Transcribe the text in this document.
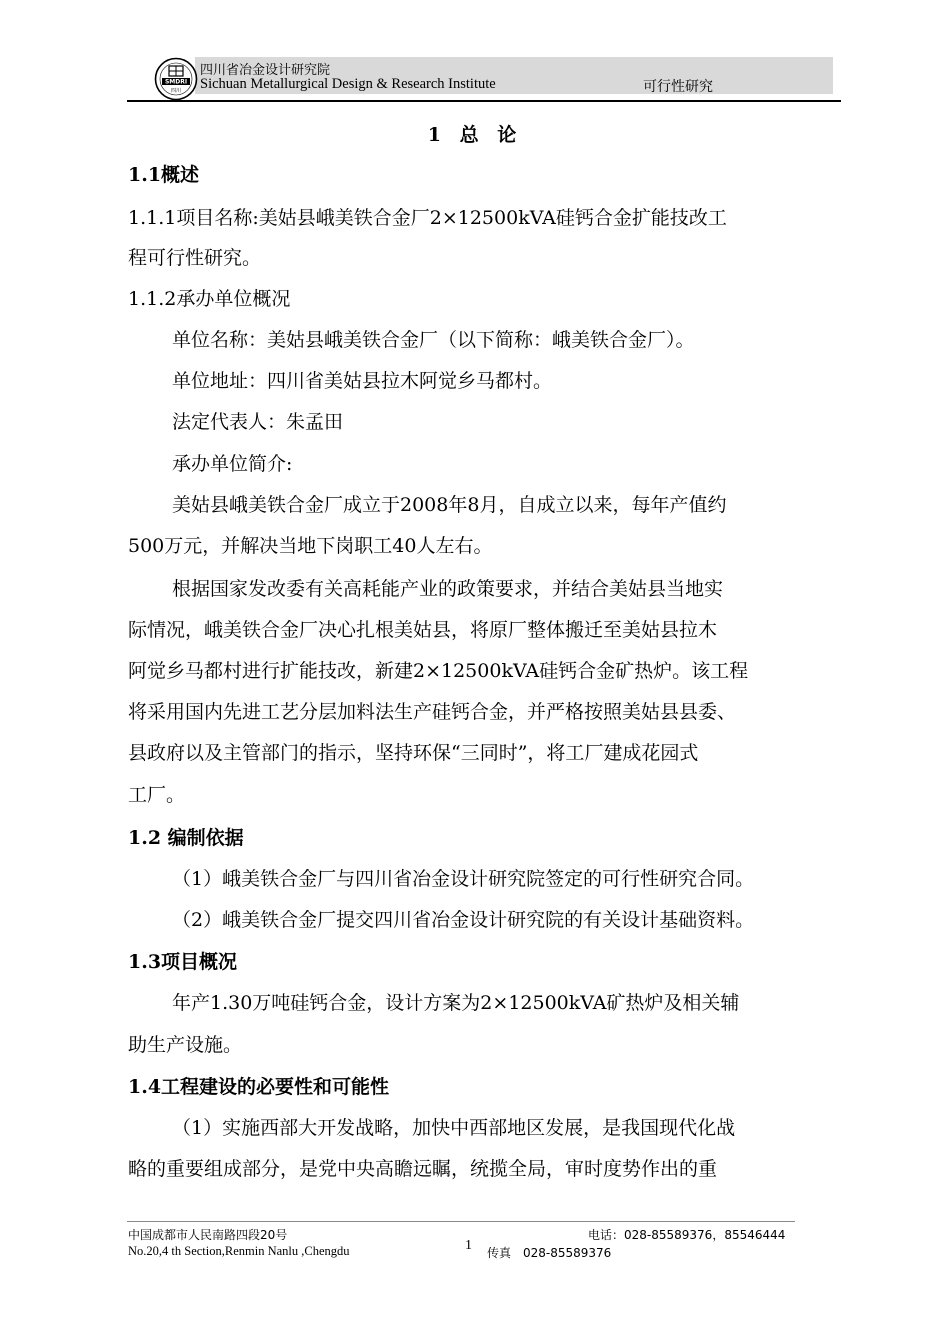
SMDRI
四川
四川省冶金设计研究院
Sichuan Metallurgical Design & Research Institute	可行性研究
1 总 论
1.1概述
1.1.1项目名称:美姑县峨美铁合金厂2×12500kVA硅钙合金扩能技改工
程可行性研究。
1.1.2承办单位概况
单位名称：美姑县峨美铁合金厂（以下简称：峨美铁合金厂）。
单位地址：四川省美姑县拉木阿觉乡马都村。
法定代表人：朱孟田
承办单位简介:
美姑县峨美铁合金厂成立于2008年8月，自成立以来，每年产值约
500万元，并解决当地下岗职工40人左右。
根据国家发改委有关高耗能产业的政策要求，并结合美姑县当地实
际情况，峨美铁合金厂决心扎根美姑县，将原厂整体搬迁至美姑县拉木
阿觉乡马都村进行扩能技改，新建2×12500kVA硅钙合金矿热炉。该工程
将采用国内先进工艺分层加料法生产硅钙合金，并严格按照美姑县县委、
县政府以及主管部门的指示，坚持环保“三同时”，将工厂建成花园式
工厂。
1.2 编制依据
（1）峨美铁合金厂与四川省冶金设计研究院签定的可行性研究合同。
（2）峨美铁合金厂提交四川省冶金设计研究院的有关设计基础资料。
1.3项目概况
年产1.30万吨硅钙合金，设计方案为2×12500kVA矿热炉及相关辅
助生产设施。
1.4工程建设的必要性和可能性
（1）实施西部大开发战略，加快中西部地区发展，是我国现代化战
略的重要组成部分，是党中央高瞻远瞩，统揽全局，审时度势作出的重
中国成都市人民南路四段20号
No.20,4 th Section,Renmin Nanlu ,Chengdu	1
电话：028-85589376，85546444
传真　028-85589376
